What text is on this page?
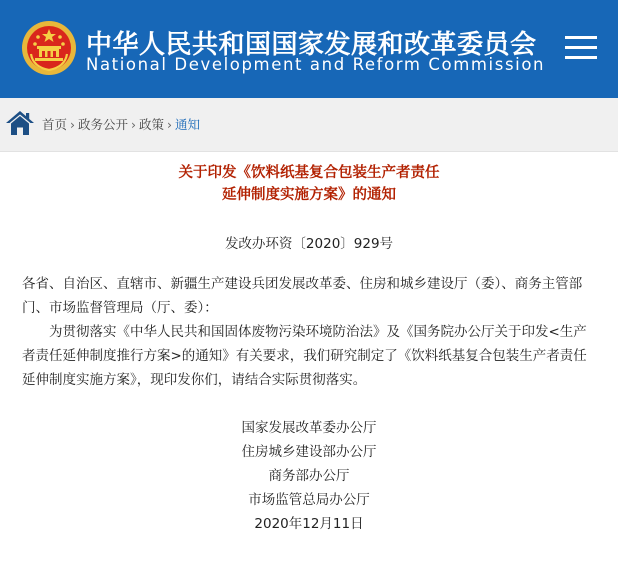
中华人民共和国国家发展和改革委员会
National Development and Reform Commission
首页 › 政务公开 › 政策 › 通知
关于印发《饮料纸基复合包装生产者责任
延伸制度实施方案》的通知
发改办环资〔2020〕929号

各省、自治区、直辖市、新疆生产建设兵团发展改革委、住房和城乡建设厅（委）、商务主管部门、市场监督管理局（厅、委）：

为贯彻落实《中华人民共和国固体废物污染环境防治法》及《国务院办公厅关于印发<生产者责任延伸制度推行方案>的通知》有关要求，我们研究制定了《饮料纸基复合包装生产者责任延伸制度实施方案》，现印发你们，请结合实际贯彻落实。

国家发展改革委办公厅
住房城乡建设部办公厅
商务部办公厅
市场监管总局办公厅
2020年12月11日
